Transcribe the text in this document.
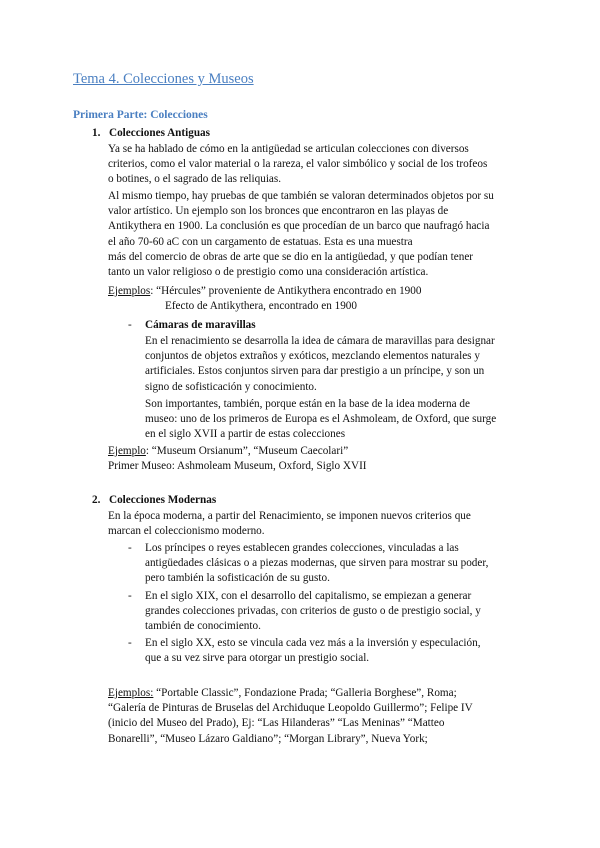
Tema 4. Colecciones y Museos
Primera Parte: Colecciones
1. Colecciones Antiguas

Ya se ha hablado de cómo en la antigüedad se articulan colecciones con diversos
criterios, como el valor material o la rareza, el valor simbólico y social de los trofeos
o botines, o el sagrado de las reliquias.

Al mismo tiempo, hay pruebas de que también se valoran determinados objetos por su
valor artístico. Un ejemplo son los bronces que encontraron en las playas de
Antikythera en 1900. La conclusión es que procedían de un barco que naufragó hacia
el año 70-60 aC con un cargamento de estatuas. Esta es una muestra
más del comercio de obras de arte que se dio en la antigüedad, y que podían tener
tanto un valor religioso o de prestigio como una consideración artística.

Ejemplos: “Hércules” proveniente de Antikythera encontrado en 1900
Efecto de Antikythera, encontrado en 1900

- Cámaras de maravillas

En el renacimiento se desarrolla la idea de cámara de maravillas para designar
conjuntos de objetos extraños y exóticos, mezclando elementos naturales y
artificiales. Estos conjuntos sirven para dar prestigio a un príncipe, y son un
signo de sofisticación y conocimiento.

Son importantes, también, porque están en la base de la idea moderna de
museo: uno de los primeros de Europa es el Ashmoleam, de Oxford, que surge
en el siglo XVII a partir de estas colecciones

Ejemplo: “Museum Orsianum”, “Museum Caecolari”
Primer Museo: Ashmoleam Museum, Oxford, Siglo XVII

2. Colecciones Modernas

En la época moderna, a partir del Renacimiento, se imponen nuevos criterios que
marcan el coleccionismo moderno.

- Los príncipes o reyes establecen grandes colecciones, vinculadas a las
antigüedades clásicas o a piezas modernas, que sirven para mostrar su poder,
pero también la sofisticación de su gusto.

- En el siglo XIX, con el desarrollo del capitalismo, se empiezan a generar
grandes colecciones privadas, con criterios de gusto o de prestigio social, y
también de conocimiento.

- En el siglo XX, esto se vincula cada vez más a la inversión y especulación,
que a su vez sirve para otorgar un prestigio social.

Ejemplos: “Portable Classic”, Fondazione Prada; “Galleria Borghese”, Roma;
“Galería de Pinturas de Bruselas del Archiduque Leopoldo Guillermo”; Felipe IV
(inicio del Museo del Prado), Ej: “Las Hilanderas” “Las Meninas” “Matteo
Bonarelli”, “Museo Lázaro Galdiano”; “Morgan Library”, Nueva York;
